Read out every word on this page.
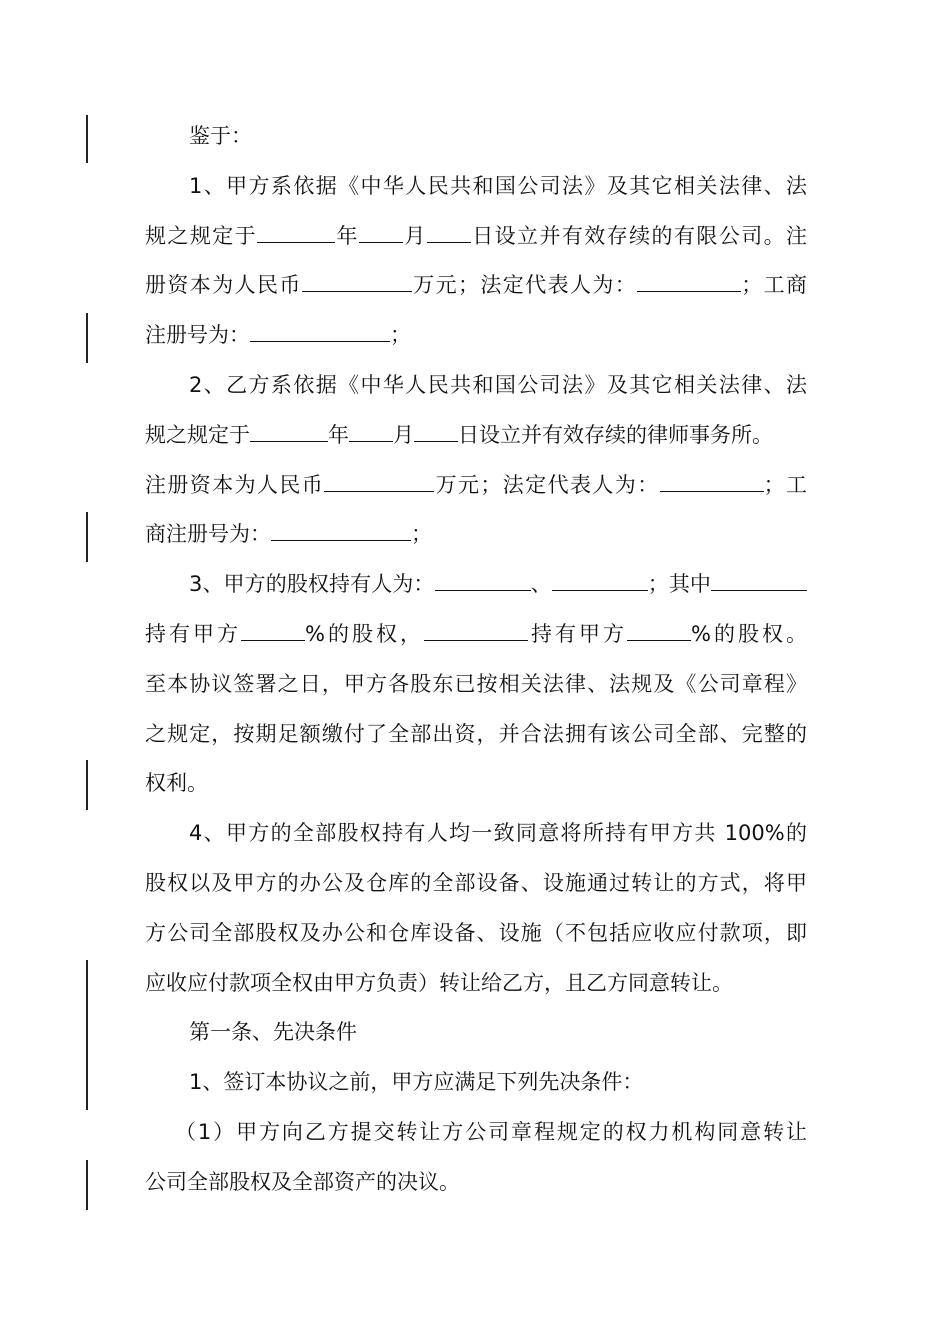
鉴于：
1、甲方系依据《中华人民共和国公司法》及其它相关法律、法
规之规定于	年 月 日设立并有效存续的有限公司。注
册资本为人民币	万元；法定代表人为：	；工商
注册号为：	；
2、乙方系依据《中华人民共和国公司法》及其它相关法律、法
规之规定于	年 月 日设立并有效存续的律师事务所。
注册资本为人民币	万元；法定代表人为：	；工
商注册号为：	；
3、甲方的股权持有人为：	、	；其中
持有甲方	%的股权，	持有甲方	%的股权。
至本协议签署之日，甲方各股东已按相关法律、法规及《公司章程》
之规定，按期足额缴付了全部出资，并合法拥有该公司全部、完整的
权利。
4、甲方的全部股权持有人均一致同意将所持有甲方共 100%的
股权以及甲方的办公及仓库的全部设备、设施通过转让的方式，将甲
方公司全部股权及办公和仓库设备、设施（不包括应收应付款项，即
应收应付款项全权由甲方负责）转让给乙方，且乙方同意转让。
第一条、先决条件
1、签订本协议之前，甲方应满足下列先决条件：
（1）甲方向乙方提交转让方公司章程规定的权力机构同意转让
公司全部股权及全部资产的决议。
